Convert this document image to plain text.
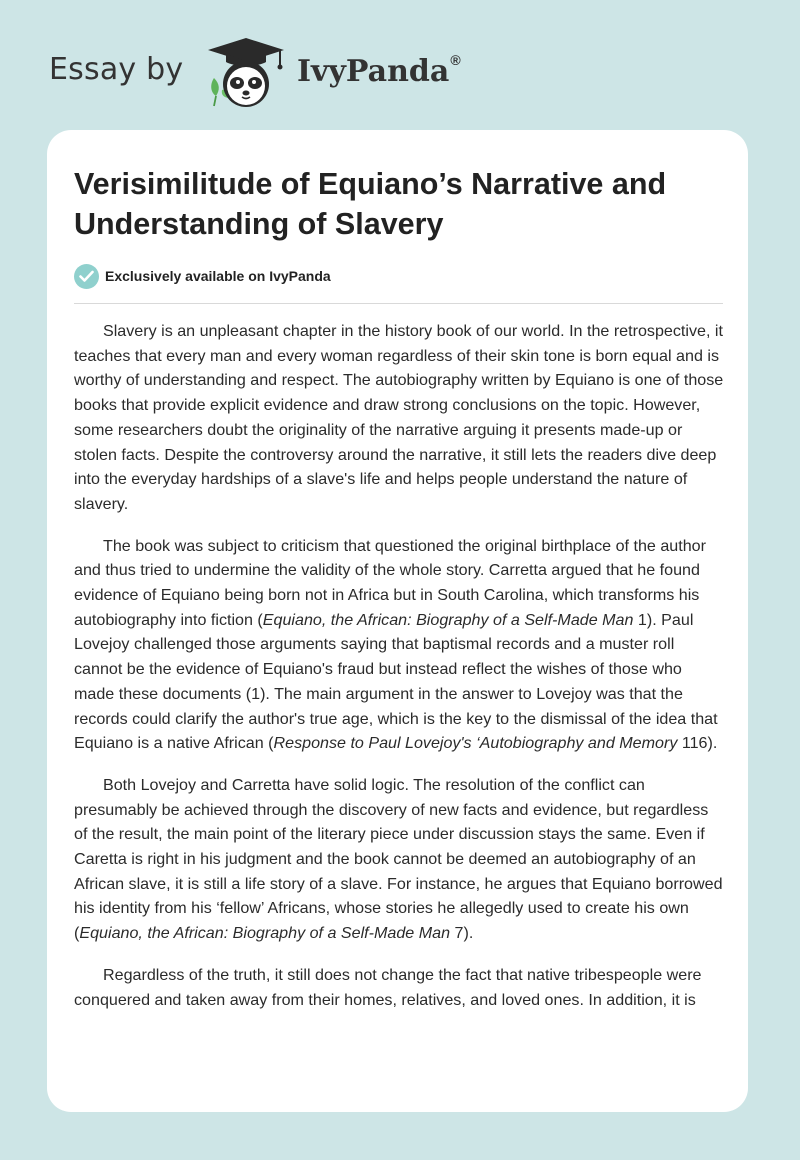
Essay by	IvyPanda®
Verisimilitude of Equiano’s Narrative and Understanding of Slavery
Exclusively available on IvyPanda

Slavery is an unpleasant chapter in the history book of our world. In the retrospective, it teaches that every man and every woman regardless of their skin tone is born equal and is worthy of understanding and respect. The autobiography written by Equiano is one of those books that provide explicit evidence and draw strong conclusions on the topic. However, some researchers doubt the originality of the narrative arguing it presents made-up or stolen facts. Despite the controversy around the narrative, it still lets the readers dive deep into the everyday hardships of a slave's life and helps people understand the nature of slavery.

The book was subject to criticism that questioned the original birthplace of the author and thus tried to undermine the validity of the whole story. Carretta argued that he found evidence of Equiano being born not in Africa but in South Carolina, which transforms his autobiography into fiction (Equiano, the African: Biography of a Self-Made Man 1). Paul Lovejoy challenged those arguments saying that baptismal records and a muster roll cannot be the evidence of Equiano's fraud but instead reflect the wishes of those who made these documents (1). The main argument in the answer to Lovejoy was that the records could clarify the author's true age, which is the key to the dismissal of the idea that Equiano is a native African (Response to Paul Lovejoy's ‘Autobiography and Memory 116).

Both Lovejoy and Carretta have solid logic. The resolution of the conflict can presumably be achieved through the discovery of new facts and evidence, but regardless of the result, the main point of the literary piece under discussion stays the same. Even if Caretta is right in his judgment and the book cannot be deemed an autobiography of an African slave, it is still a life story of a slave. For instance, he argues that Equiano borrowed his identity from his ‘fellow’ Africans, whose stories he allegedly used to create his own (Equiano, the African: Biography of a Self-Made Man 7).

Regardless of the truth, it still does not change the fact that native tribespeople were conquered and taken away from their homes, relatives, and loved ones. In addition, it is
